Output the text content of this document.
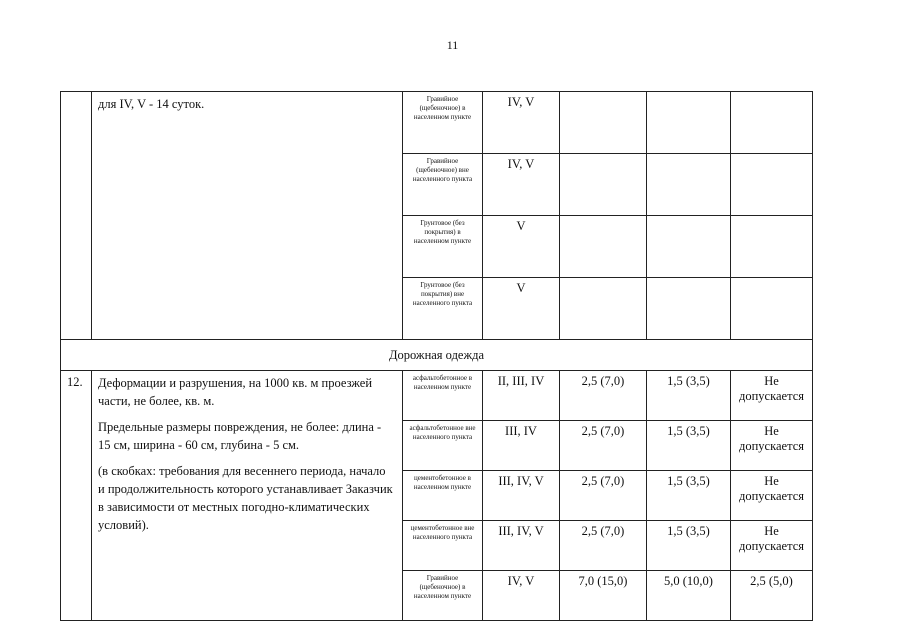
11
	для IV, V - 14 суток.	Гравийное (щебеночное) в населенном пункте	IV, V			
		Гравийное (щебеночное) вне населенного пункта	IV, V			
		Грунтовое (без покрытия) в населенном пункте	V			
		Грунтовое (без покрытия) вне населенного пункта	V			
Дорожная одежда						
12.	Деформации и разрушения, на 1000 кв. м проезжей части, не более, кв. м.

Предельные размеры повреждения, не более: длина - 15 см, ширина - 60 см, глубина - 5 см.

(в скобках: требования для весеннего периода, начало и продолжительность которого устанавливает Заказчик в зависимости от местных погодно-климатических условий).	асфальтобетонное в населенном пункте	II, III, IV	2,5 (7,0)	1,5 (3,5)	Не допускается
		асфальтобетонное вне населенного пункта	III, IV	2,5 (7,0)	1,5 (3,5)	Не допускается
		цементобетонное в населенном пункте	III, IV, V	2,5 (7,0)	1,5 (3,5)	Не допускается
		цементобетонное вне населенного пункта	III, IV, V	2,5 (7,0)	1,5 (3,5)	Не допускается
		Гравийное (щебеночное) в населенном пункте	IV, V	7,0 (15,0)	5,0 (10,0)	2,5 (5,0)
